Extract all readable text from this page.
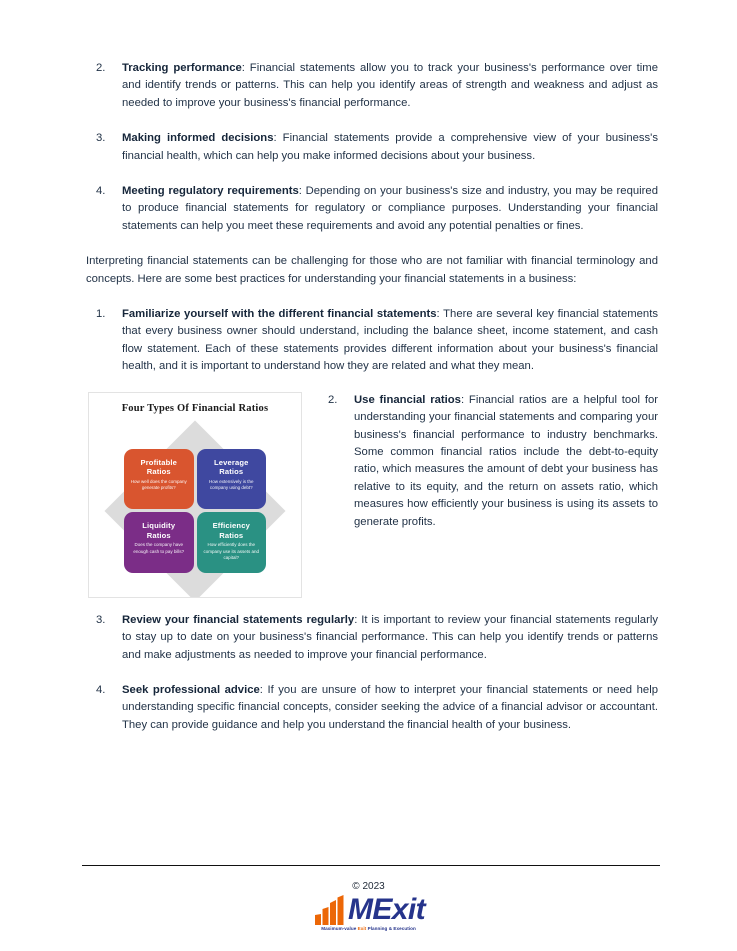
2. Tracking performance: Financial statements allow you to track your business's performance over time and identify trends or patterns. This can help you identify areas of strength and weakness and adjust as needed to improve your business's financial performance.
3. Making informed decisions: Financial statements provide a comprehensive view of your business's financial health, which can help you make informed decisions about your business.
4. Meeting regulatory requirements: Depending on your business's size and industry, you may be required to produce financial statements for regulatory or compliance purposes. Understanding your financial statements can help you meet these requirements and avoid any potential penalties or fines.

Interpreting financial statements can be challenging for those who are not familiar with financial terminology and concepts. Here are some best practices for understanding your financial statements in a business:

1. Familiarize yourself with the different financial statements: There are several key financial statements that every business owner should understand, including the balance sheet, income statement, and cash flow statement. Each of these statements provides different information about your business's financial health, and it is important to understand how they are related and what they mean.
Four Types Of Financial Ratios
Profitable
Ratios
How well does the company generate profits?
Leverage
Ratios
How extensively is the company using debt?
Liquidity
Ratios
Does the company have enough cash to pay bills?
Efficiency
Ratios
How efficiently does the company use its assets and capital?
2. Use financial ratios: Financial ratios are a helpful tool for understanding your financial statements and comparing your business's financial performance to industry benchmarks. Some common financial ratios include the debt-to-equity ratio, which measures the amount of debt your business has relative to its equity, and the return on assets ratio, which measures how efficiently your business is using its assets to generate profits.
3. Review your financial statements regularly: It is important to review your financial statements regularly to stay up to date on your business's financial performance. This can help you identify trends or patterns and make adjustments as needed to improve your financial performance.
4. Seek professional advice: If you are unsure of how to interpret your financial statements or need help understanding specific financial concepts, consider seeking the advice of a financial advisor or accountant. They can provide guidance and help you understand the financial health of your business.
© 2023
MExit
Maximum-value Exit Planning & Execution
